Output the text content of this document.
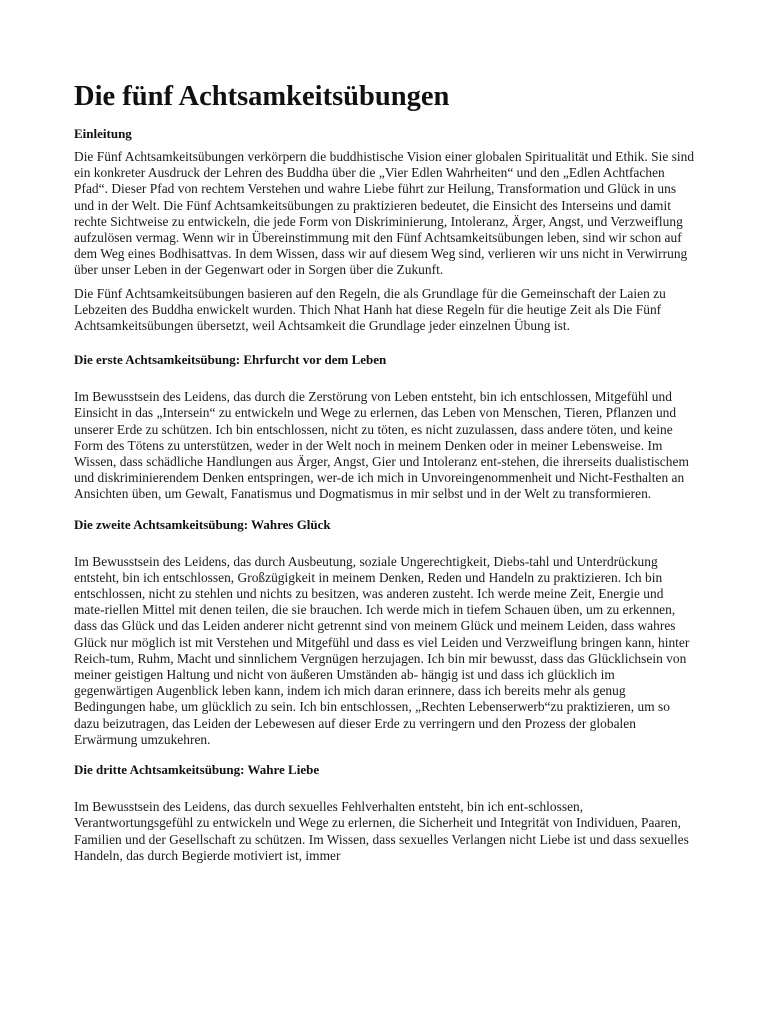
Die fünf Achtsamkeitsübungen
Einleitung

Die Fünf Achtsamkeitsübungen verkörpern die buddhistische Vision einer globalen Spiritualität und Ethik. Sie sind ein konkreter Ausdruck der Lehren des Buddha über die „Vier Edlen Wahrheiten“ und den „Edlen Achtfachen Pfad“. Dieser Pfad von rechtem Verstehen und wahre Liebe führt zur Heilung, Transformation und Glück in uns und in der Welt. Die Fünf Achtsamkeitsübungen zu praktizieren bedeutet, die Einsicht des Interseins und damit rechte Sichtweise zu entwickeln, die jede Form von Diskriminierung, Intoleranz, Ärger, Angst, und Verzweiflung aufzulösen vermag. Wenn wir in Übereinstimmung mit den Fünf Achtsamkeitsübungen leben, sind wir schon auf dem Weg eines Bodhisattvas. In dem Wissen, dass wir auf diesem Weg sind, verlieren wir uns nicht in Verwirrung über unser Leben in der Gegenwart oder in Sorgen über die Zukunft.

Die Fünf Achtsamkeitsübungen basieren auf den Regeln, die als Grundlage für die Gemeinschaft der Laien zu Lebzeiten des Buddha enwickelt wurden. Thich Nhat Hanh hat diese Regeln für die heutige Zeit als Die Fünf Achtsamkeitsübungen übersetzt, weil Achtsamkeit die Grundlage jeder einzelnen Übung ist.

Die erste Achtsamkeitsübung: Ehrfurcht vor dem Leben

Im Bewusstsein des Leidens, das durch die Zerstörung von Leben entsteht, bin ich entschlossen, Mitgefühl und Einsicht in das „Intersein“ zu entwickeln und Wege zu erlernen, das Leben von Menschen, Tieren, Pflanzen und unserer Erde zu schützen. Ich bin entschlossen, nicht zu töten, es nicht zuzulassen, dass andere töten, und keine Form des Tötens zu unterstützen, weder in der Welt noch in meinem Denken oder in meiner Lebensweise. Im Wissen, dass schädliche Handlungen aus Ärger, Angst, Gier und Intoleranz ent-stehen, die ihrerseits dualistischem und diskriminierendem Denken entspringen, wer-de ich mich in Unvoreingenommenheit und Nicht-Festhalten an Ansichten üben, um Gewalt, Fanatismus und Dogmatismus in mir selbst und in der Welt zu transformieren.

Die zweite Achtsamkeitsübung: Wahres Glück

Im Bewusstsein des Leidens, das durch Ausbeutung, soziale Ungerechtigkeit, Diebs-tahl und Unterdrückung entsteht, bin ich entschlossen, Großzügigkeit in meinem Denken, Reden und Handeln zu praktizieren. Ich bin entschlossen, nicht zu stehlen und nichts zu besitzen, was anderen zusteht. Ich werde meine Zeit, Energie und mate-riellen Mittel mit denen teilen, die sie brauchen. Ich werde mich in tiefem Schauen üben, um zu erkennen, dass das Glück und das Leiden anderer nicht getrennt sind von meinem Glück und meinem Leiden, dass wahres Glück nur möglich ist mit Verstehen und Mitgefühl und dass es viel Leiden und Verzweiflung bringen kann, hinter Reich-tum, Ruhm, Macht und sinnlichem Vergnügen herzujagen. Ich bin mir bewusst, dass das Glücklichsein von meiner geistigen Haltung und nicht von äußeren Umständen ab- hängig ist und dass ich glücklich im gegenwärtigen Augenblick leben kann, indem ich mich daran erinnere, dass ich bereits mehr als genug Bedingungen habe, um glücklich zu sein. Ich bin entschlossen, „Rechten Lebenserwerb“zu praktizieren, um so dazu beizutragen, das Leiden der Lebewesen auf dieser Erde zu verringern und den Prozess der globalen Erwärmung umzukehren.

Die dritte Achtsamkeitsübung: Wahre Liebe

Im Bewusstsein des Leidens, das durch sexuelles Fehlverhalten entsteht, bin ich ent-schlossen, Verantwortungsgefühl zu entwickeln und Wege zu erlernen, die Sicherheit und Integrität von Individuen, Paaren, Familien und der Gesellschaft zu schützen. Im Wissen, dass sexuelles Verlangen nicht Liebe ist und dass sexuelles Handeln, das durch Begierde motiviert ist, immer
